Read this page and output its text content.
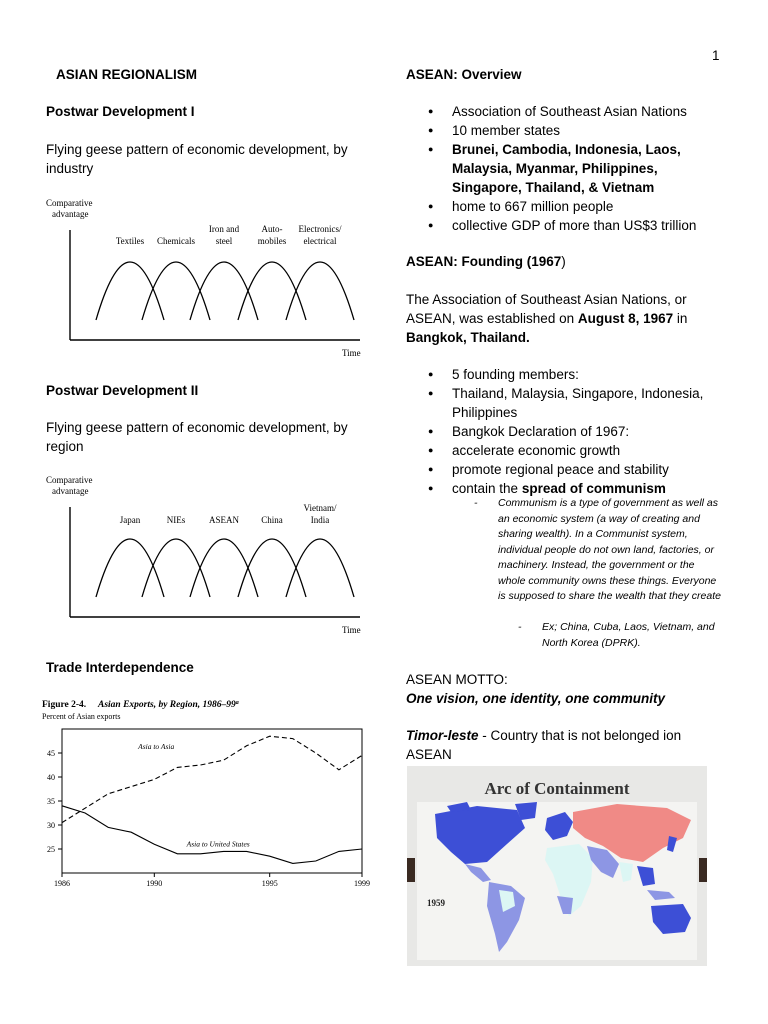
1
ASIAN REGIONALISM
Postwar Development I
Flying geese pattern of economic development, by industry
Comparative
advantage
Time
Textiles Chemicals
Iron and
steel
Auto-
mobiles
Electronics/
electrical
Postwar Development II
Flying geese pattern of economic development, by region
Comparative
advantage
Time
Japan	NIEs	ASEAN China
Vietnam/
India
Trade Interdependence
Figure 2-4. Asian Exports, by Region, 1986–99$^a$
Percent of Asian exports
25
30
35
40
45
1986	1990	1995	1999
Asia to Asia
Asia to United States
ASEAN: Overview
● Association of Southeast Asian Nations
● 10 member states
● Brunei, Cambodia, Indonesia, Laos, Malaysia, Myanmar, Philippines, Singapore, Thailand, & Vietnam
● home to 667 million people
● collective GDP of more than US$3 trillion
ASEAN: Founding (1967)
The Association of Southeast Asian Nations, or ASEAN, was established on August 8, 1967 in Bangkok, Thailand.
● 5 founding members:
● Thailand, Malaysia, Singapore, Indonesia, Philippines
● Bangkok Declaration of 1967:
● accelerate economic growth
● promote regional peace and stability
● contain the spread of communism
- Communism is a type of government as well as an economic system (a way of creating and sharing wealth). In a Communist system, individual people do not own land, factories, or machinery. Instead, the government or the whole community owns these things. Everyone is supposed to share the wealth that they create
- Ex; China, Cuba, Laos, Vietnam, and North Korea (DPRK).
ASEAN MOTTO:
One vision, one identity, one community
Timor-leste - Country that is not belonged ion ASEAN
Arc of Containment
1959
